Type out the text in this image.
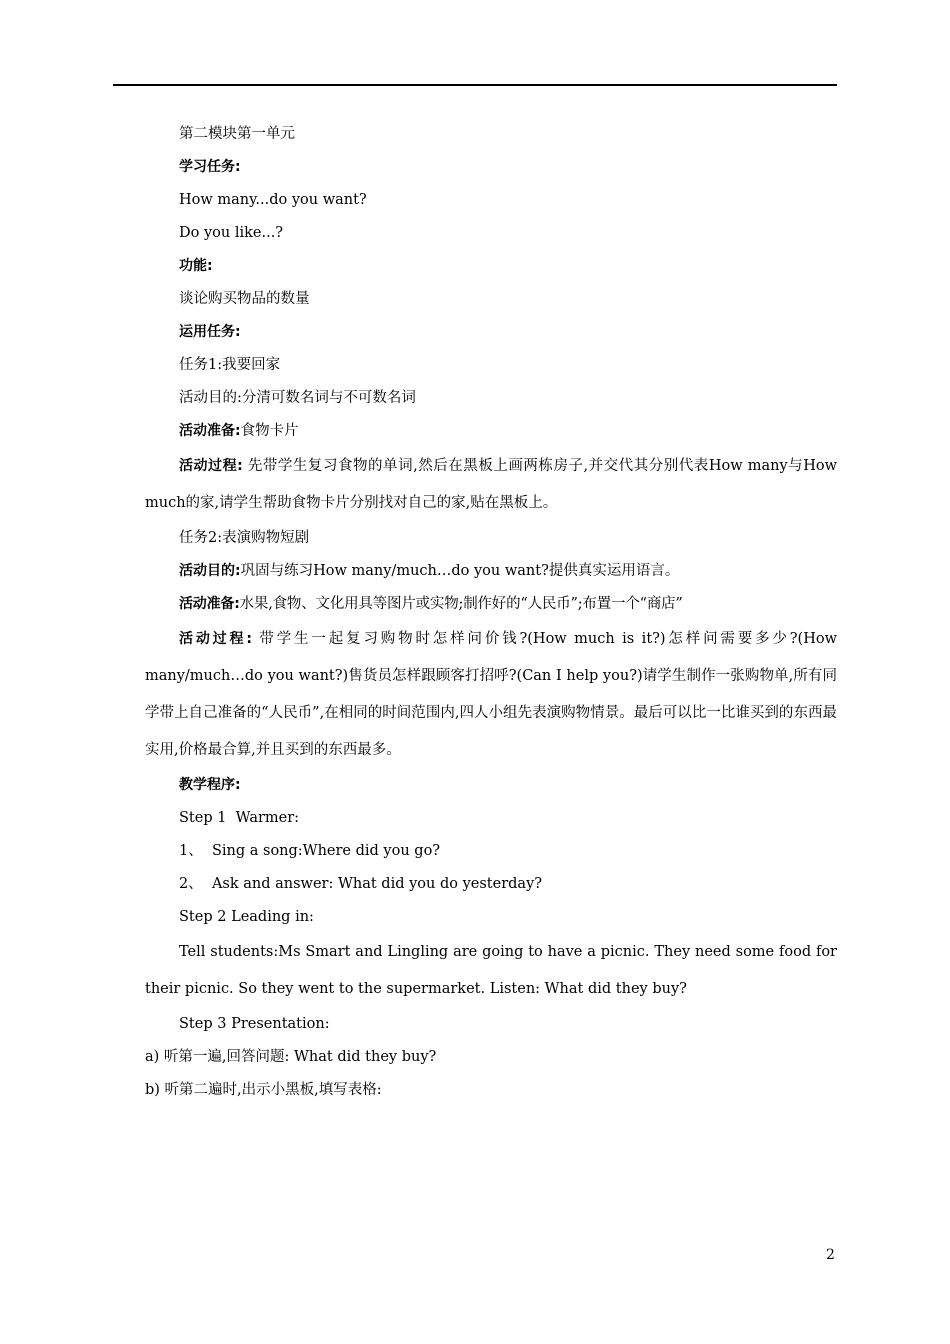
第二模块第一单元
学习任务:
How many...do you want?
Do you like...?
功能:
谈论购买物品的数量
运用任务:
任务1:我要回家
活动目的:分清可数名词与不可数名词
活动准备:食物卡片
活动过程: 先带学生复习食物的单词,然后在黑板上画两栋房子,并交代其分别代表How many与How much的家,请学生帮助食物卡片分别找对自己的家,贴在黑板上。
任务2:表演购物短剧
活动目的:巩固与练习How many/much…do you want?提供真实运用语言。
活动准备:水果,食物、文化用具等图片或实物;制作好的“人民币”;布置一个“商店”
活动过程: 带学生一起复习购物时怎样问价钱?(How much is it?)怎样问需要多少?(How many/much…do you want?)售货员怎样跟顾客打招呼?(Can I help you?)请学生制作一张购物单,所有同学带上自己准备的“人民币”,在相同的时间范围内,四人小组先表演购物情景。最后可以比一比谁买到的东西最实用,价格最合算,并且买到的东西最多。
教学程序:
Step 1  Warmer:
1、  Sing a song:Where did you go?
2、  Ask and answer: What did you do yesterday?
Step 2 Leading in:
Tell students:Ms Smart and Lingling are going to have a picnic. They need some food for their picnic. So they went to the supermarket. Listen: What did they buy?
Step 3 Presentation:
a) 听第一遍,回答问题: What did they buy?
b) 听第二遍时,出示小黑板,填写表格:
2
